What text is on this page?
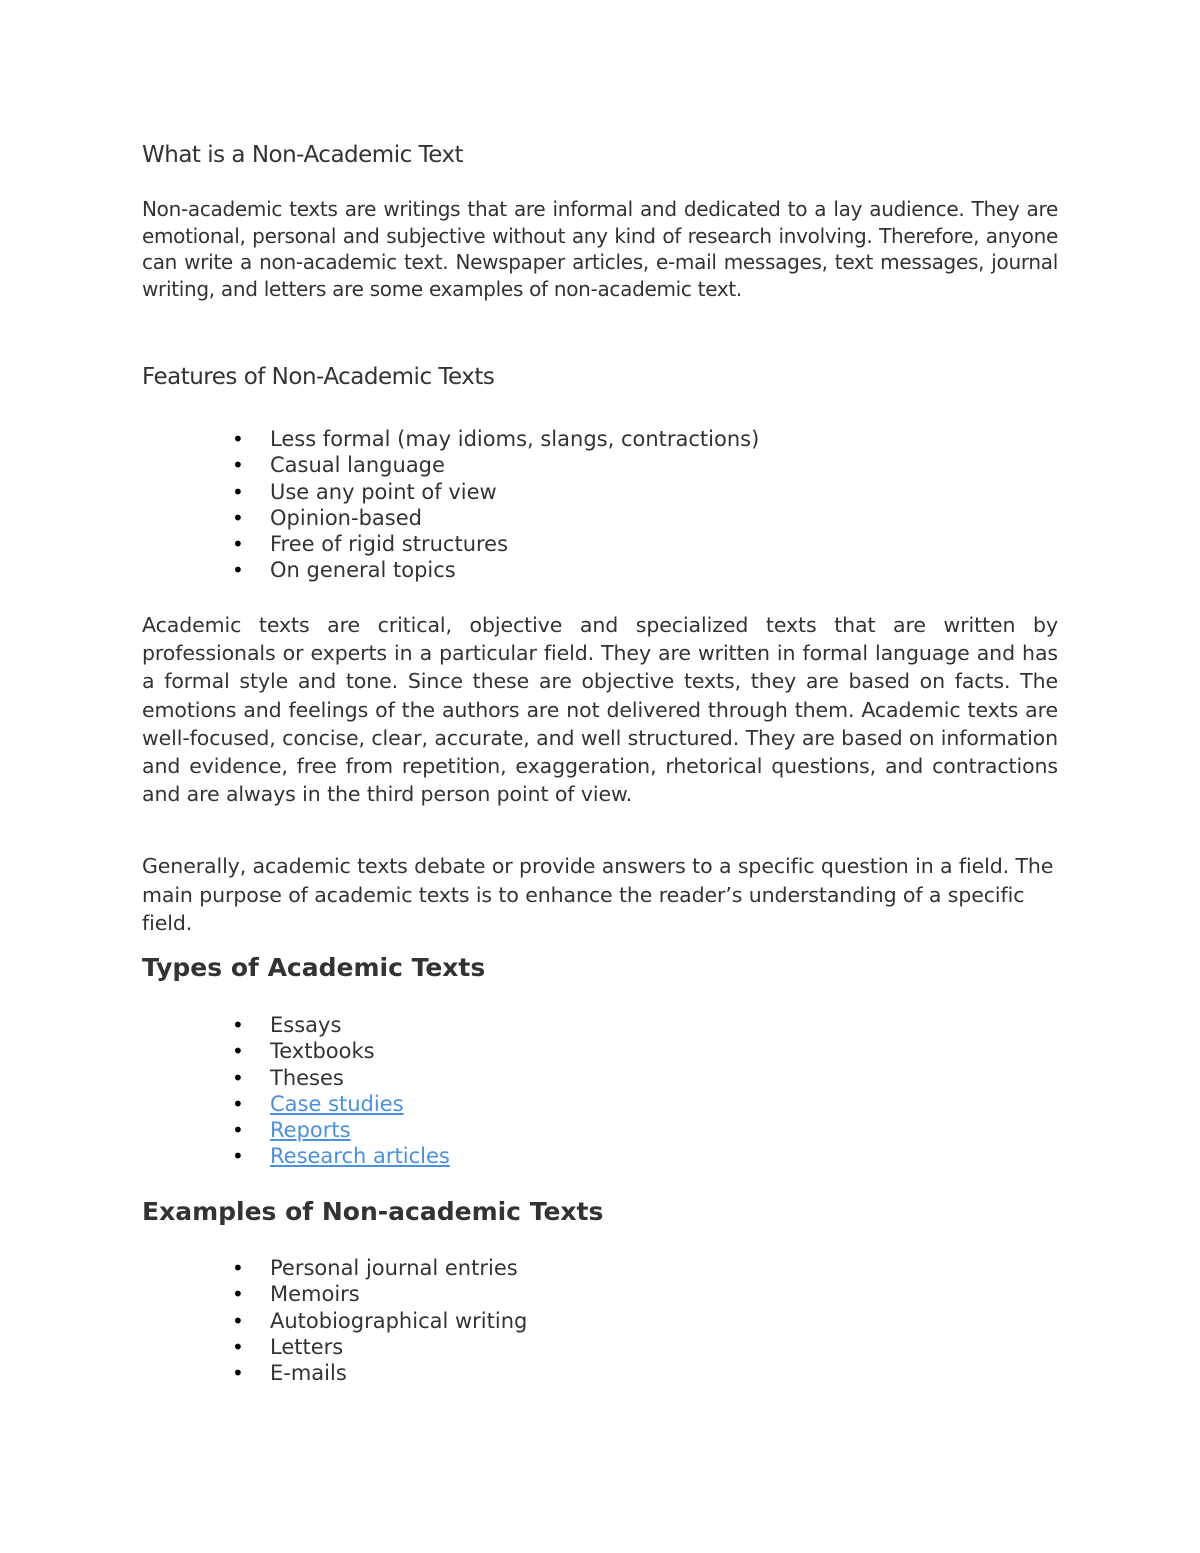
What is a Non-Academic Text
Non-academic texts are writings that are informal and dedicated to a lay audience. They are emotional, personal and subjective without any kind of research involving. Therefore, anyone can write a non-academic text. Newspaper articles, e-mail messages, text messages, journal writing, and letters are some examples of non-academic text.
Features of Non-Academic Texts
• Less formal (may idioms, slangs, contractions)
• Casual language
• Use any point of view
• Opinion-based
• Free of rigid structures
• On general topics
Academic texts are critical, objective and specialized texts that are written by professionals or experts in a particular field. They are written in formal language and has a formal style and tone. Since these are objective texts, they are based on facts. The emotions and feelings of the authors are not delivered through them. Academic texts are well-focused, concise, clear, accurate, and well structured. They are based on information and evidence, free from repetition, exaggeration, rhetorical questions, and contractions and are always in the third person point of view.
Generally, academic texts debate or provide answers to a specific question in a field. The main purpose of academic texts is to enhance the reader’s understanding of a specific field.
Types of Academic Texts
• Essays
• Textbooks
• Theses
• Case studies
• Reports
• Research articles
Examples of Non-academic Texts
• Personal journal entries
• Memoirs
• Autobiographical writing
• Letters
• E-mails
